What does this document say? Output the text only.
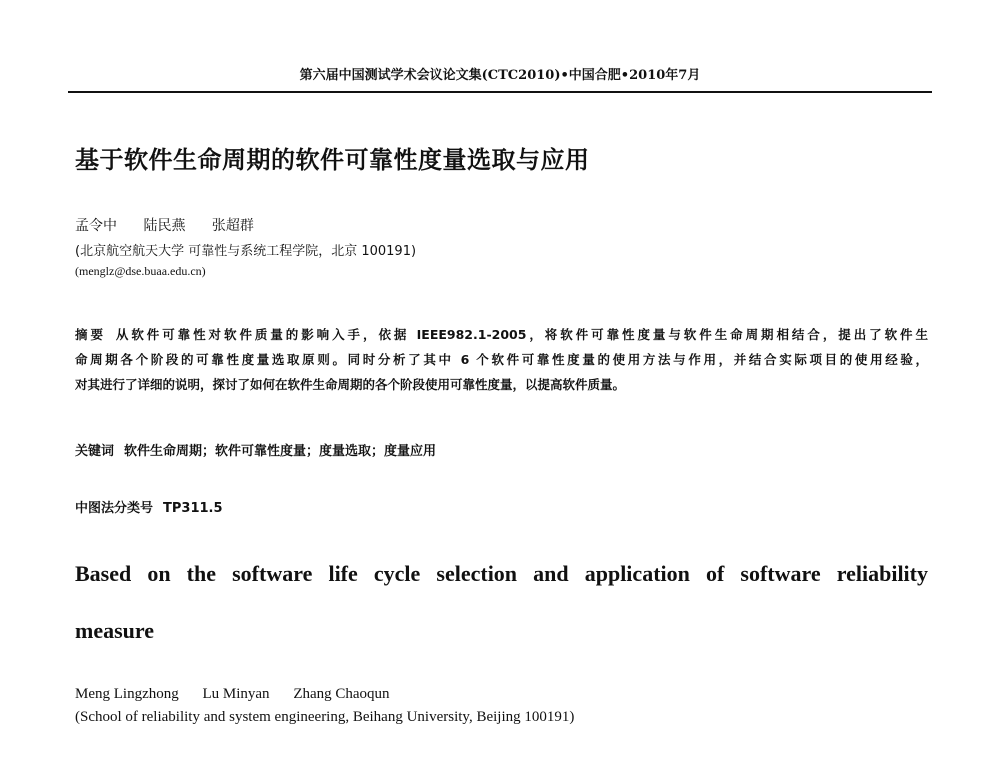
第六届中国测试学术会议论文集(CTC2010)•中国合肥•2010年7月
基于软件生命周期的软件可靠性度量选取与应用
孟令中 陆民燕 张超群
(北京航空航天大学 可靠性与系统工程学院，北京 100191)
(menglz@dse.buaa.edu.cn)
摘要 从软件可靠性对软件质量的影响入手，依据 IEEE982.1-2005，将软件可靠性度量与软件生命周期相结合，提出了软件生
命周期各个阶段的可靠性度量选取原则。同时分析了其中 6 个软件可靠性度量的使用方法与作用，并结合实际项目的使用经验，
对其进行了详细的说明，探讨了如何在软件生命周期的各个阶段使用可靠性度量，以提高软件质量。
关键词 软件生命周期；软件可靠性度量；度量选取；度量应用
中图法分类号 TP311.5
Based on the software life cycle selection and application of software reliability
measure
Meng Lingzhong Lu Minyan Zhang Chaoqun
(School of reliability and system engineering, Beihang University, Beijing 100191)
